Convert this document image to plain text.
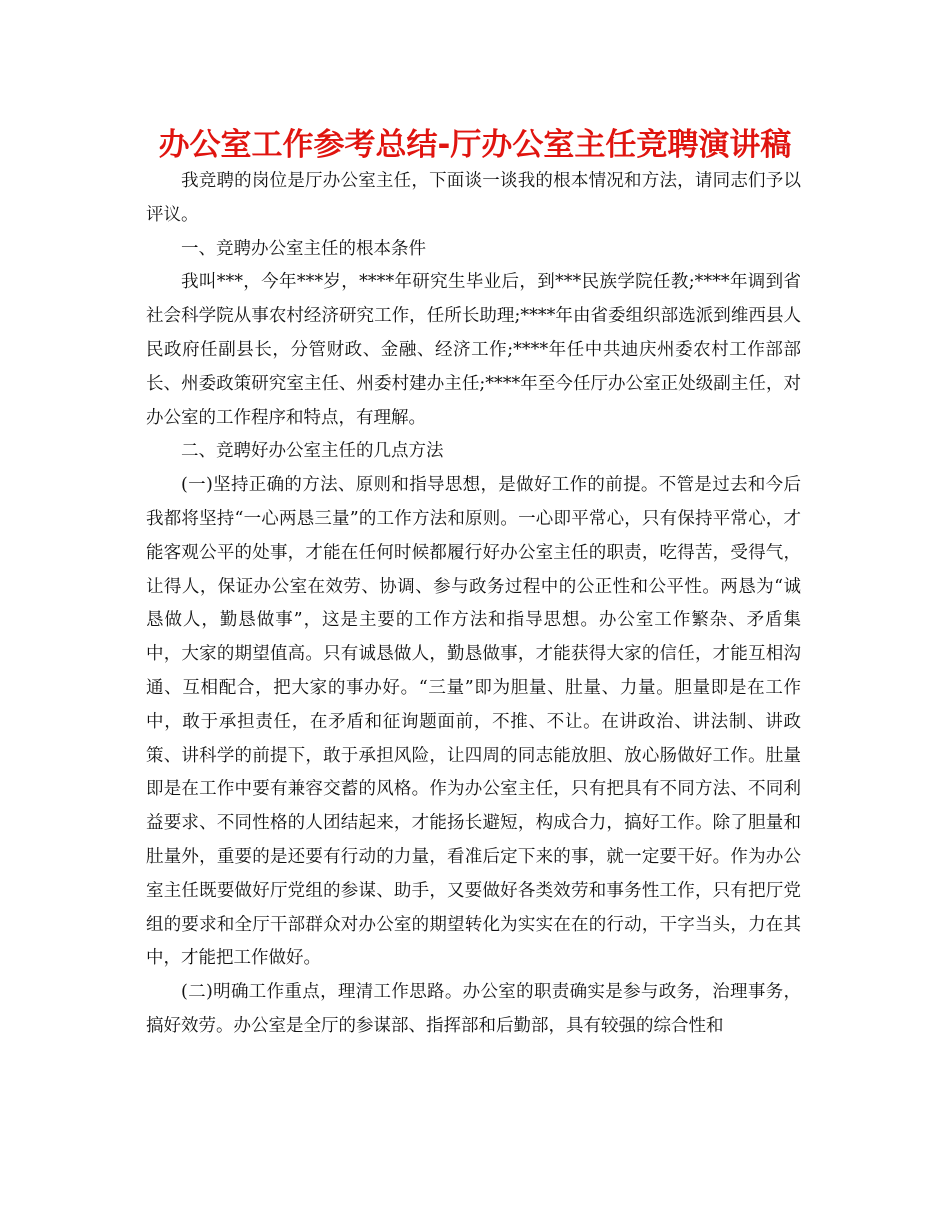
办公室工作参考总结-厅办公室主任竞聘演讲稿

我竞聘的岗位是厅办公室主任，下面谈一谈我的根本情况和方法，请同志们予以评议。

一、竞聘办公室主任的根本条件

我叫***，今年***岁，****年研究生毕业后，到***民族学院任教;****年调到省社会科学院从事农村经济研究工作，任所长助理;****年由省委组织部选派到维西县人民政府任副县长，分管财政、金融、经济工作;****年任中共迪庆州委农村工作部部长、州委政策研究室主任、州委村建办主任;****年至今任厅办公室正处级副主任，对办公室的工作程序和特点，有理解。

二、竞聘好办公室主任的几点方法

(一)坚持正确的方法、原则和指导思想，是做好工作的前提。不管是过去和今后我都将坚持“一心两恳三量”的工作方法和原则。一心即平常心，只有保持平常心，才能客观公平的处事，才能在任何时候都履行好办公室主任的职责，吃得苦，受得气，让得人，保证办公室在效劳、协调、参与政务过程中的公正性和公平性。两恳为“诚恳做人，勤恳做事”，这是主要的工作方法和指导思想。办公室工作繁杂、矛盾集中，大家的期望值高。只有诚恳做人，勤恳做事，才能获得大家的信任，才能互相沟通、互相配合，把大家的事办好。“三量”即为胆量、肚量、力量。胆量即是在工作中，敢于承担责任，在矛盾和征询题面前，不推、不让。在讲政治、讲法制、讲政策、讲科学的前提下，敢于承担风险，让四周的同志能放胆、放心肠做好工作。肚量即是在工作中要有兼容交蓄的风格。作为办公室主任，只有把具有不同方法、不同利益要求、不同性格的人团结起来，才能扬长避短，构成合力，搞好工作。除了胆量和肚量外，重要的是还要有行动的力量，看准后定下来的事，就一定要干好。作为办公室主任既要做好厅党组的参谋、助手，又要做好各类效劳和事务性工作，只有把厅党组的要求和全厅干部群众对办公室的期望转化为实实在在的行动，干字当头，力在其中，才能把工作做好。

(二)明确工作重点，理清工作思路。办公室的职责确实是参与政务，治理事务，搞好效劳。办公室是全厅的参谋部、指挥部和后勤部，具有较强的综合性和
